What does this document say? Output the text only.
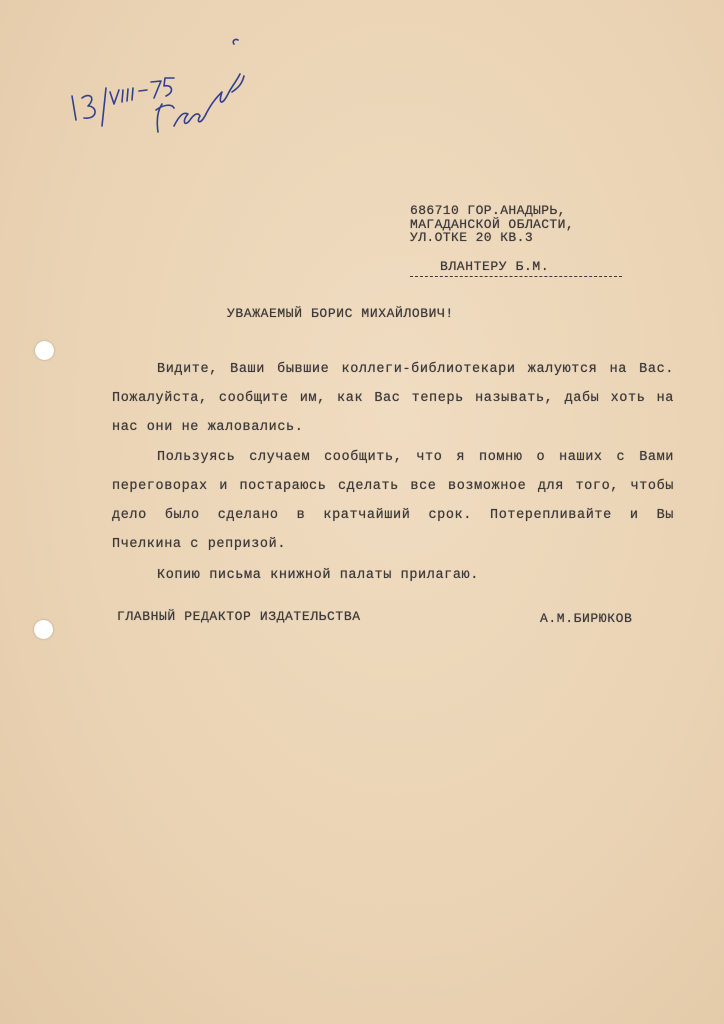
686710 ГОР.АНАДЫРЬ,
МАГАДАНСКОЙ ОБЛАСТИ,
УЛ.ОТКЕ 20 КВ.3
ВЛАНТЕРУ Б.М.
УВАЖАЕМЫЙ БОРИС МИХАЙЛОВИЧ!
Видите, Ваши бывшие коллеги-библиотекари жалуются на Вас. Пожалуйста, сообщите им, как Вас теперь называть, дабы хоть на нас они не жаловались.
Пользуясь случаем сообщить, что я помню о наших с Вами переговорах и постараюсь сделать все возможное для того, чтобы дело было сделано в кратчайший срок. Потерепливайте и Вы Пчелкина с репризой.
Копию письма книжной палаты прилагаю.
ГЛАВНЫЙ РЕДАКТОР ИЗДАТЕЛЬСТВА	А.М.БИРЮКОВ
